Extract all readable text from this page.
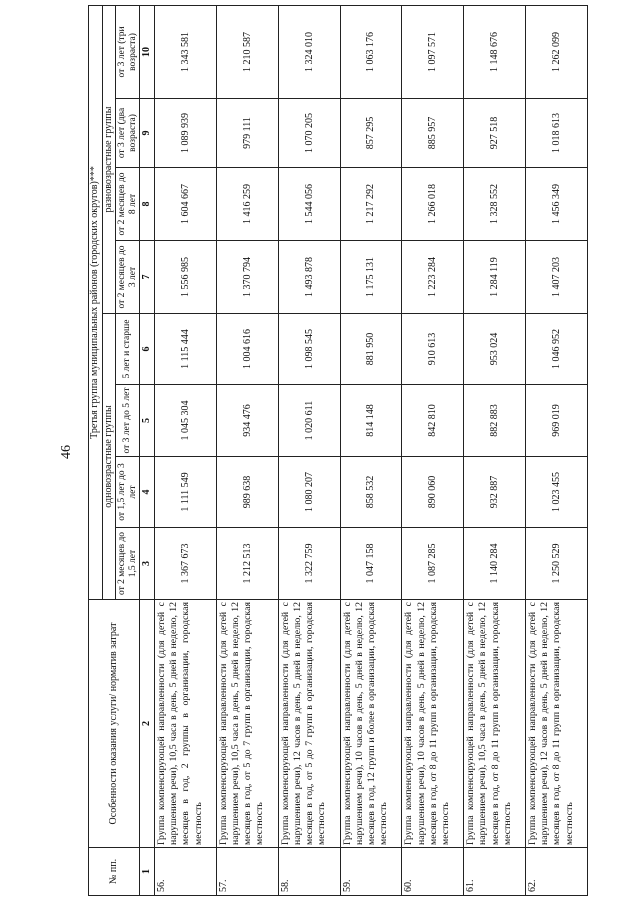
46
№ пп.	Особенности оказания услуги/ норматив затрат	Третья группа муниципальных районов (городских округов)***							
		одновозрастные группы				разновозрастные группы			
		от 2 месяцев до 1,5 лет	от 1,5 лет до 3 лет	от 3 лет до 5 лет	5 лет и старше	от 2 месяцев до 3 лет	от 2 месяцев до 8 лет	от 3 лет (два возраста)	от 3 лет (три возраста)
1	2	3	4	5	6	7	8	9	10
56.	Группа компенсирующей направленности (для детей с нарушением речи), 10,5 часа в день, 5 дней в неделю, 12 месяцев в год, 2 группы в организации, городская местность	1 367 673	1 111 549	1 045 304	1 115 444	1 556 985	1 604 667	1 089 939	1 343 581
57.	Группа компенсирующей направленности (для детей с нарушением речи), 10,5 часа в день, 5 дней в неделю, 12 месяцев в год, от 5 до 7 групп в организации, городская местность	1 212 513	989 638	934 476	1 004 616	1 370 794	1 416 259	979 111	1 210 587
58.	Группа компенсирующей направленности (для детей с нарушением речи), 12 часов в день, 5 дней в неделю, 12 месяцев в год, от 5 до 7 групп в организации, городская местность	1 322 759	1 080 207	1 020 611	1 098 545	1 493 878	1 544 056	1 070 205	1 324 010
59.	Группа компенсирующей направленности (для детей с нарушением речи), 10 часов в день, 5 дней в неделю, 12 месяцев в год, 12 групп и более в организации, городская местность	1 047 158	858 532	814 148	881 950	1 175 131	1 217 292	857 295	1 063 176
60.	Группа компенсирующей направленности (для детей с нарушением речи), 10 часов в день, 5 дней в неделю, 12 месяцев в год, от 8 до 11 групп в организации, городская местность	1 087 285	890 060	842 810	910 613	1 223 284	1 266 018	885 957	1 097 571
61.	Группа компенсирующей направленности (для детей с нарушением речи), 10,5 часа в день, 5 дней в неделю, 12 месяцев в год, от 8 до 11 групп в организации, городская местность	1 140 284	932 887	882 883	953 024	1 284 119	1 328 552	927 518	1 148 676
62.	Группа компенсирующей направленности (для детей с нарушением речи), 12 часов в день, 5 дней в неделю, 12 месяцев в год, от 8 до 11 групп в организации, городская местность	1 250 529	1 023 455	969 019	1 046 952	1 407 203	1 456 349	1 018 613	1 262 099
